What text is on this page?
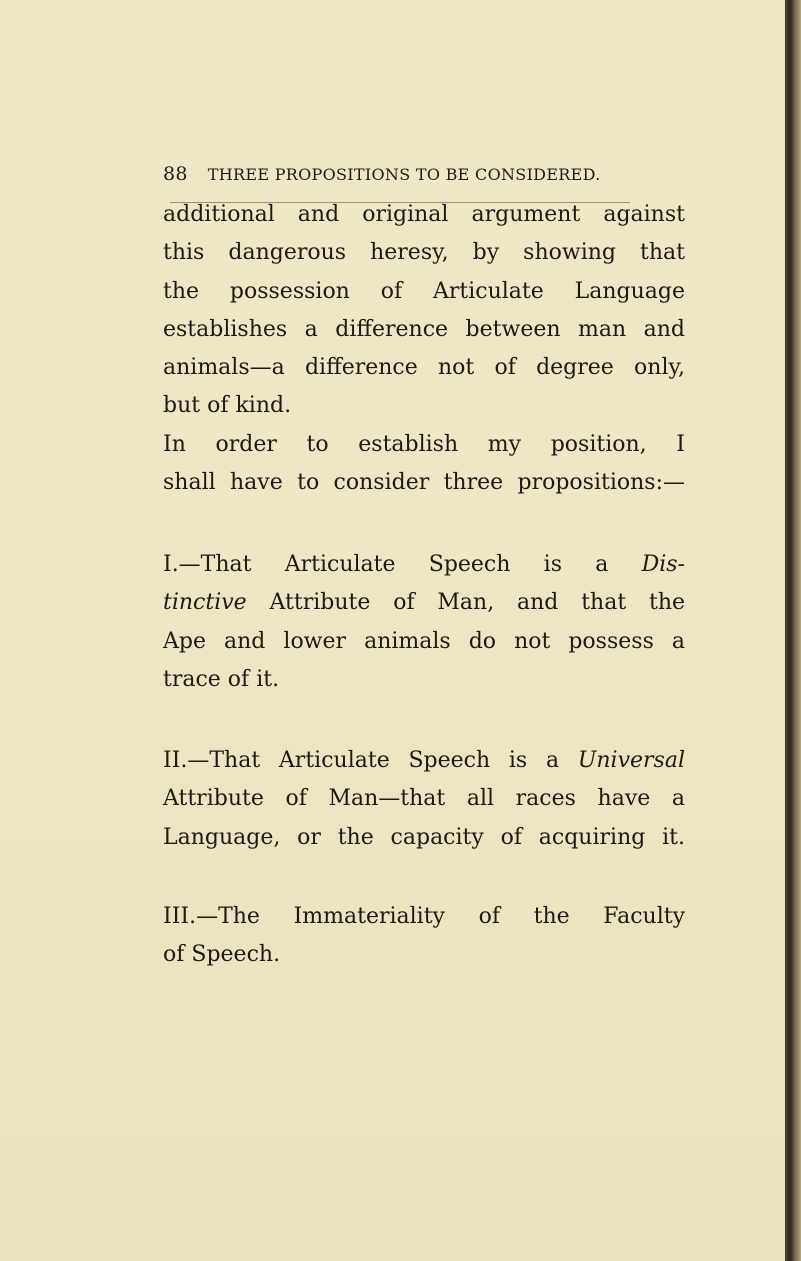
88 THREE PROPOSITIONS TO BE CONSIDERED.
additional and original argument against
this dangerous heresy, by showing that
the possession of Articulate Language
establishes a difference between man and
animals—a difference not of degree only,
but of kind.
In order to establish my position, I
shall have to consider three propositions:—
I.—That Articulate Speech is a Dis-
tinctive Attribute of Man, and that the
Ape and lower animals do not possess a
trace of it.
II.—That Articulate Speech is a Universal
Attribute of Man—that all races have a
Language, or the capacity of acquiring it.
III.—The Immateriality of the Faculty
of Speech.
